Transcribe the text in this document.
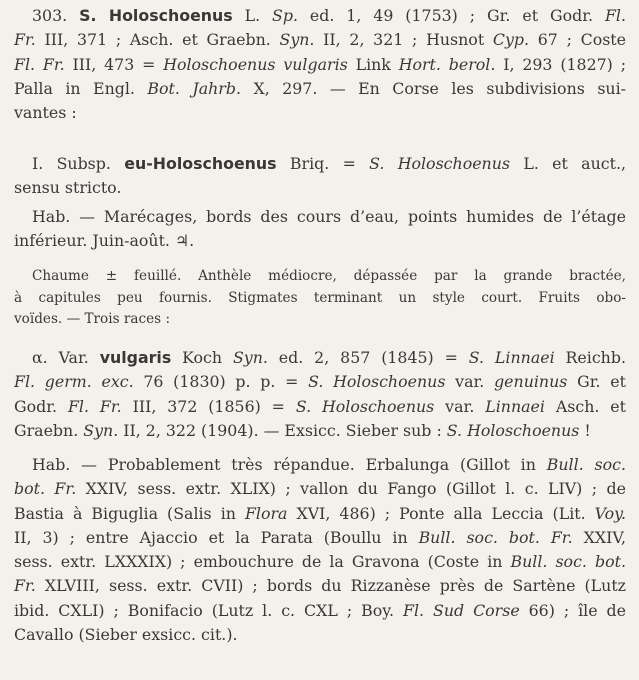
303. S. Holoschoenus L. Sp. ed. 1, 49 (1753) ; Gr. et Godr. Fl.
Fr. III, 371 ; Asch. et Graebn. Syn. II, 2, 321 ; Husnot Cyp. 67 ; Coste
Fl. Fr. III, 473 = Holoschoenus vulgaris Link Hort. berol. I, 293 (1827) ;
Palla in Engl. Bot. Jahrb. X, 297. — En Corse les subdivisions sui-
vantes :
I. Subsp. eu-Holoschoenus Briq. = S. Holoschoenus L. et auct.,
sensu stricto.
Hab. — Marécages, bords des cours d’eau, points humides de l’étage
inférieur. Juin-août. ♃.
Chaume ± feuillé. Anthèle médiocre, dépassée par la grande bractée,
à capitules peu fournis. Stigmates terminant un style court. Fruits obo-
voïdes. — Trois races :
α. Var. vulgaris Koch Syn. ed. 2, 857 (1845) = S. Linnaei Reichb.
Fl. germ. exc. 76 (1830) p. p. = S. Holoschoenus var. genuinus Gr. et
Godr. Fl. Fr. III, 372 (1856) = S. Holoschoenus var. Linnaei Asch. et
Graebn. Syn. II, 2, 322 (1904). — Exsicc. Sieber sub : S. Holoschoenus !
Hab. — Probablement très répandue. Erbalunga (Gillot in Bull. soc.
bot. Fr. XXIV, sess. extr. XLIX) ; vallon du Fango (Gillot l. c. LIV) ; de
Bastia à Biguglia (Salis in Flora XVI, 486) ; Ponte alla Leccia (Lit. Voy.
II, 3) ; entre Ajaccio et la Parata (Boullu in Bull. soc. bot. Fr. XXIV,
sess. extr. LXXXIX) ; embouchure de la Gravona (Coste in Bull. soc. bot.
Fr. XLVIII, sess. extr. CVII) ; bords du Rizzanèse près de Sartène (Lutz
ibid. CXLI) ; Bonifacio (Lutz l. c. CXL ; Boy. Fl. Sud Corse 66) ; île de
Cavallo (Sieber exsicc. cit.).
